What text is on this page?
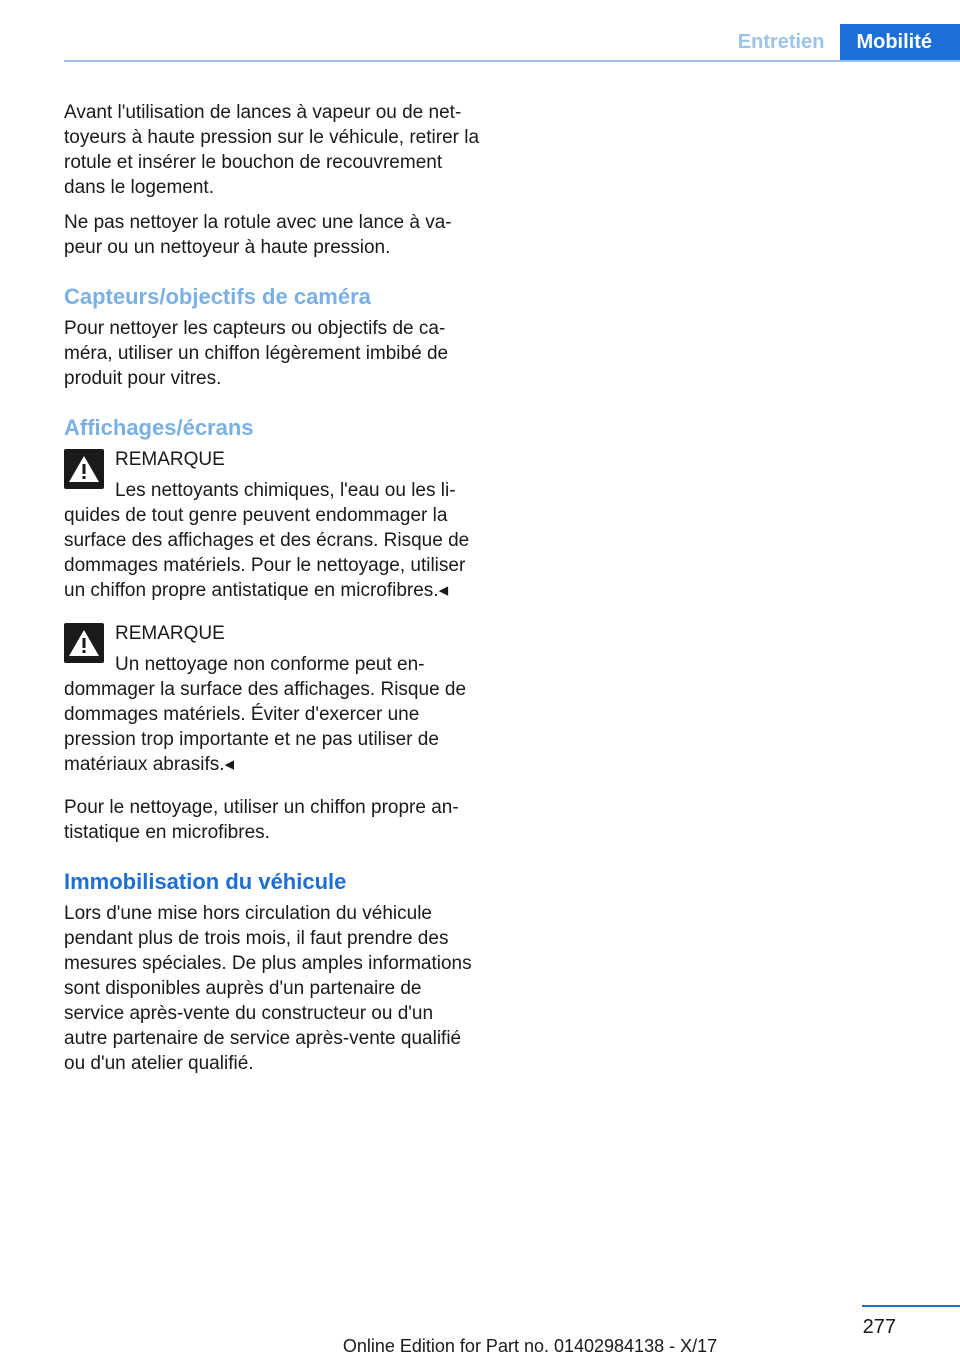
Entretien	Mobilité

Avant l'utilisation de lances à vapeur ou de nettoyeurs à haute pression sur le véhicule, retirer la rotule et insérer le bouchon de recouvrement dans le logement.

Ne pas nettoyer la rotule avec une lance à vapeur ou un nettoyeur à haute pression.

Capteurs/objectifs de caméra

Pour nettoyer les capteurs ou objectifs de caméra, utiliser un chiffon légèrement imbibé de produit pour vitres.

Affichages/écrans
REMARQUE
Les nettoyants chimiques, l'eau ou les li-

quides de tout genre peuvent endommager la surface des affichages et des écrans. Risque de dommages matériels. Pour le nettoyage, utiliser un chiffon propre antistatique en microfibres.◂

REMARQUE
Un nettoyage non conforme peut en-

dommager la surface des affichages. Risque de dommages matériels. Éviter d'exercer une pression trop importante et ne pas utiliser de matériaux abrasifs.◂

Pour le nettoyage, utiliser un chiffon propre antistatique en microfibres.

Immobilisation du véhicule

Lors d'une mise hors circulation du véhicule pendant plus de trois mois, il faut prendre des mesures spéciales. De plus amples informations sont disponibles auprès d'un partenaire de service après-vente du constructeur ou d'un autre partenaire de service après-vente qualifié ou d'un atelier qualifié.

277
Online Edition for Part no. 01402984138 - X/17
